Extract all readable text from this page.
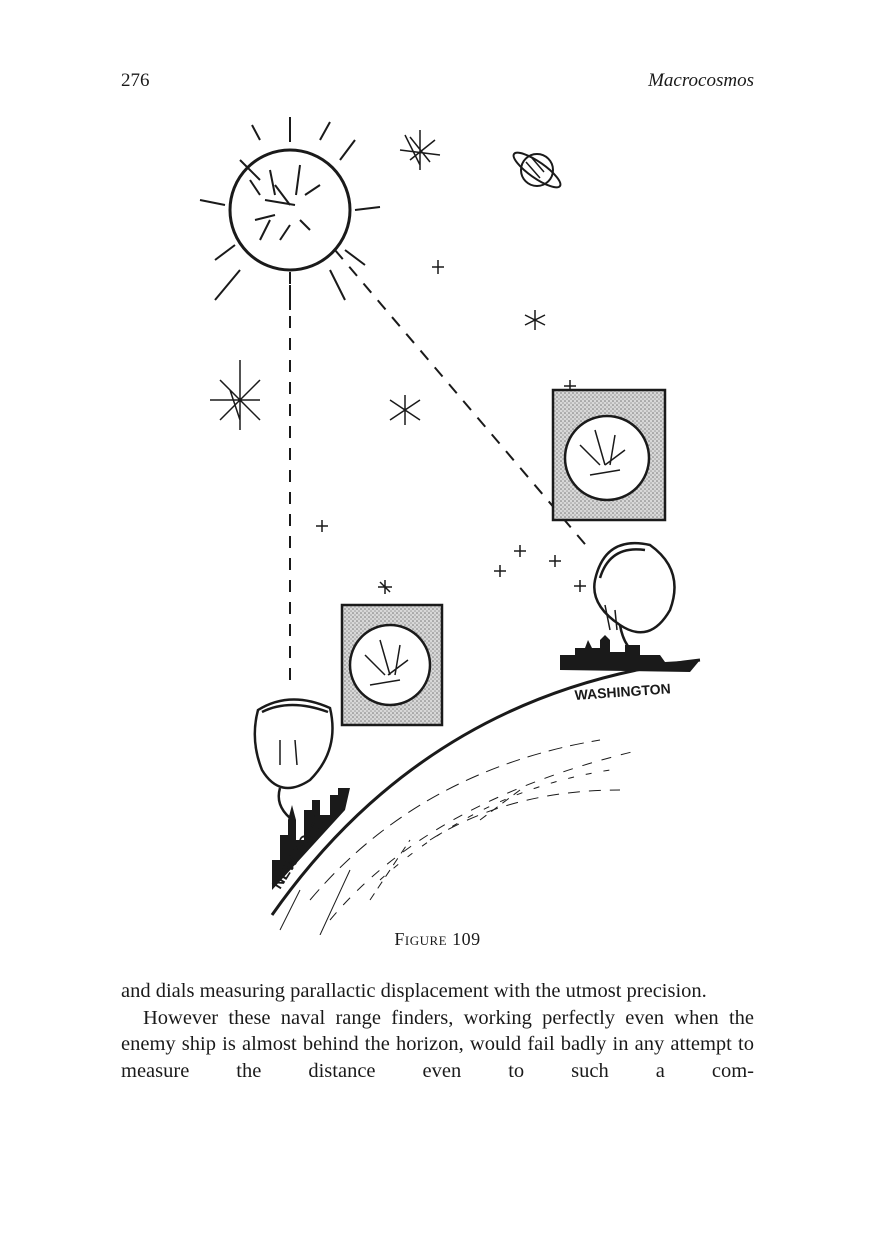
276	Macrocosmos
WASHINGTON
NEW YORK
Figure 109

and dials measuring parallactic displacement with the utmost precision.

However these naval range finders, working perfectly even when the enemy ship is almost behind the horizon, would fail badly in any attempt to measure the distance even to such a com-
